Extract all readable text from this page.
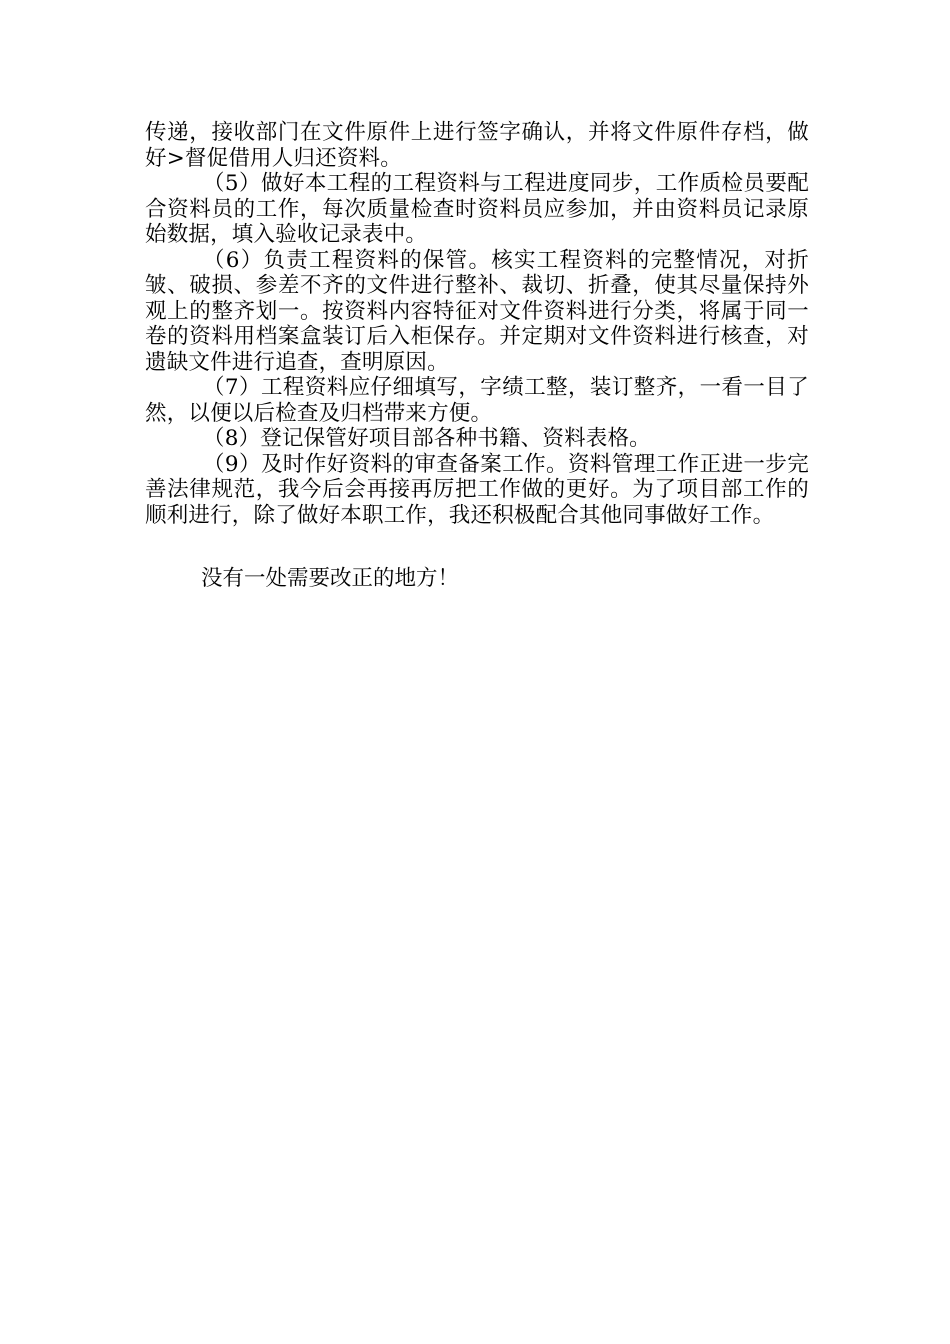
传递，接收部门在文件原件上进行签字确认，并将文件原件存档，做好>督促借用人归还资料。

（5）做好本工程的工程资料与工程进度同步，工作质检员要配合资料员的工作，每次质量检查时资料员应参加，并由资料员记录原始数据，填入验收记录表中。

（6）负责工程资料的保管。核实工程资料的完整情况，对折皱、破损、参差不齐的文件进行整补、裁切、折叠，使其尽量保持外观上的整齐划一。按资料内容特征对文件资料进行分类，将属于同一卷的资料用档案盒装订后入柜保存。并定期对文件资料进行核查，对遗缺文件进行追查，查明原因。

（7）工程资料应仔细填写，字绩工整，装订整齐，一看一目了然，以便以后检查及归档带来方便。

（8）登记保管好项目部各种书籍、资料表格。

（9）及时作好资料的审查备案工作。资料管理工作正进一步完善法律规范，我今后会再接再厉把工作做的更好。为了项目部工作的顺利进行，除了做好本职工作，我还积极配合其他同事做好工作。

没有一处需要改正的地方！
